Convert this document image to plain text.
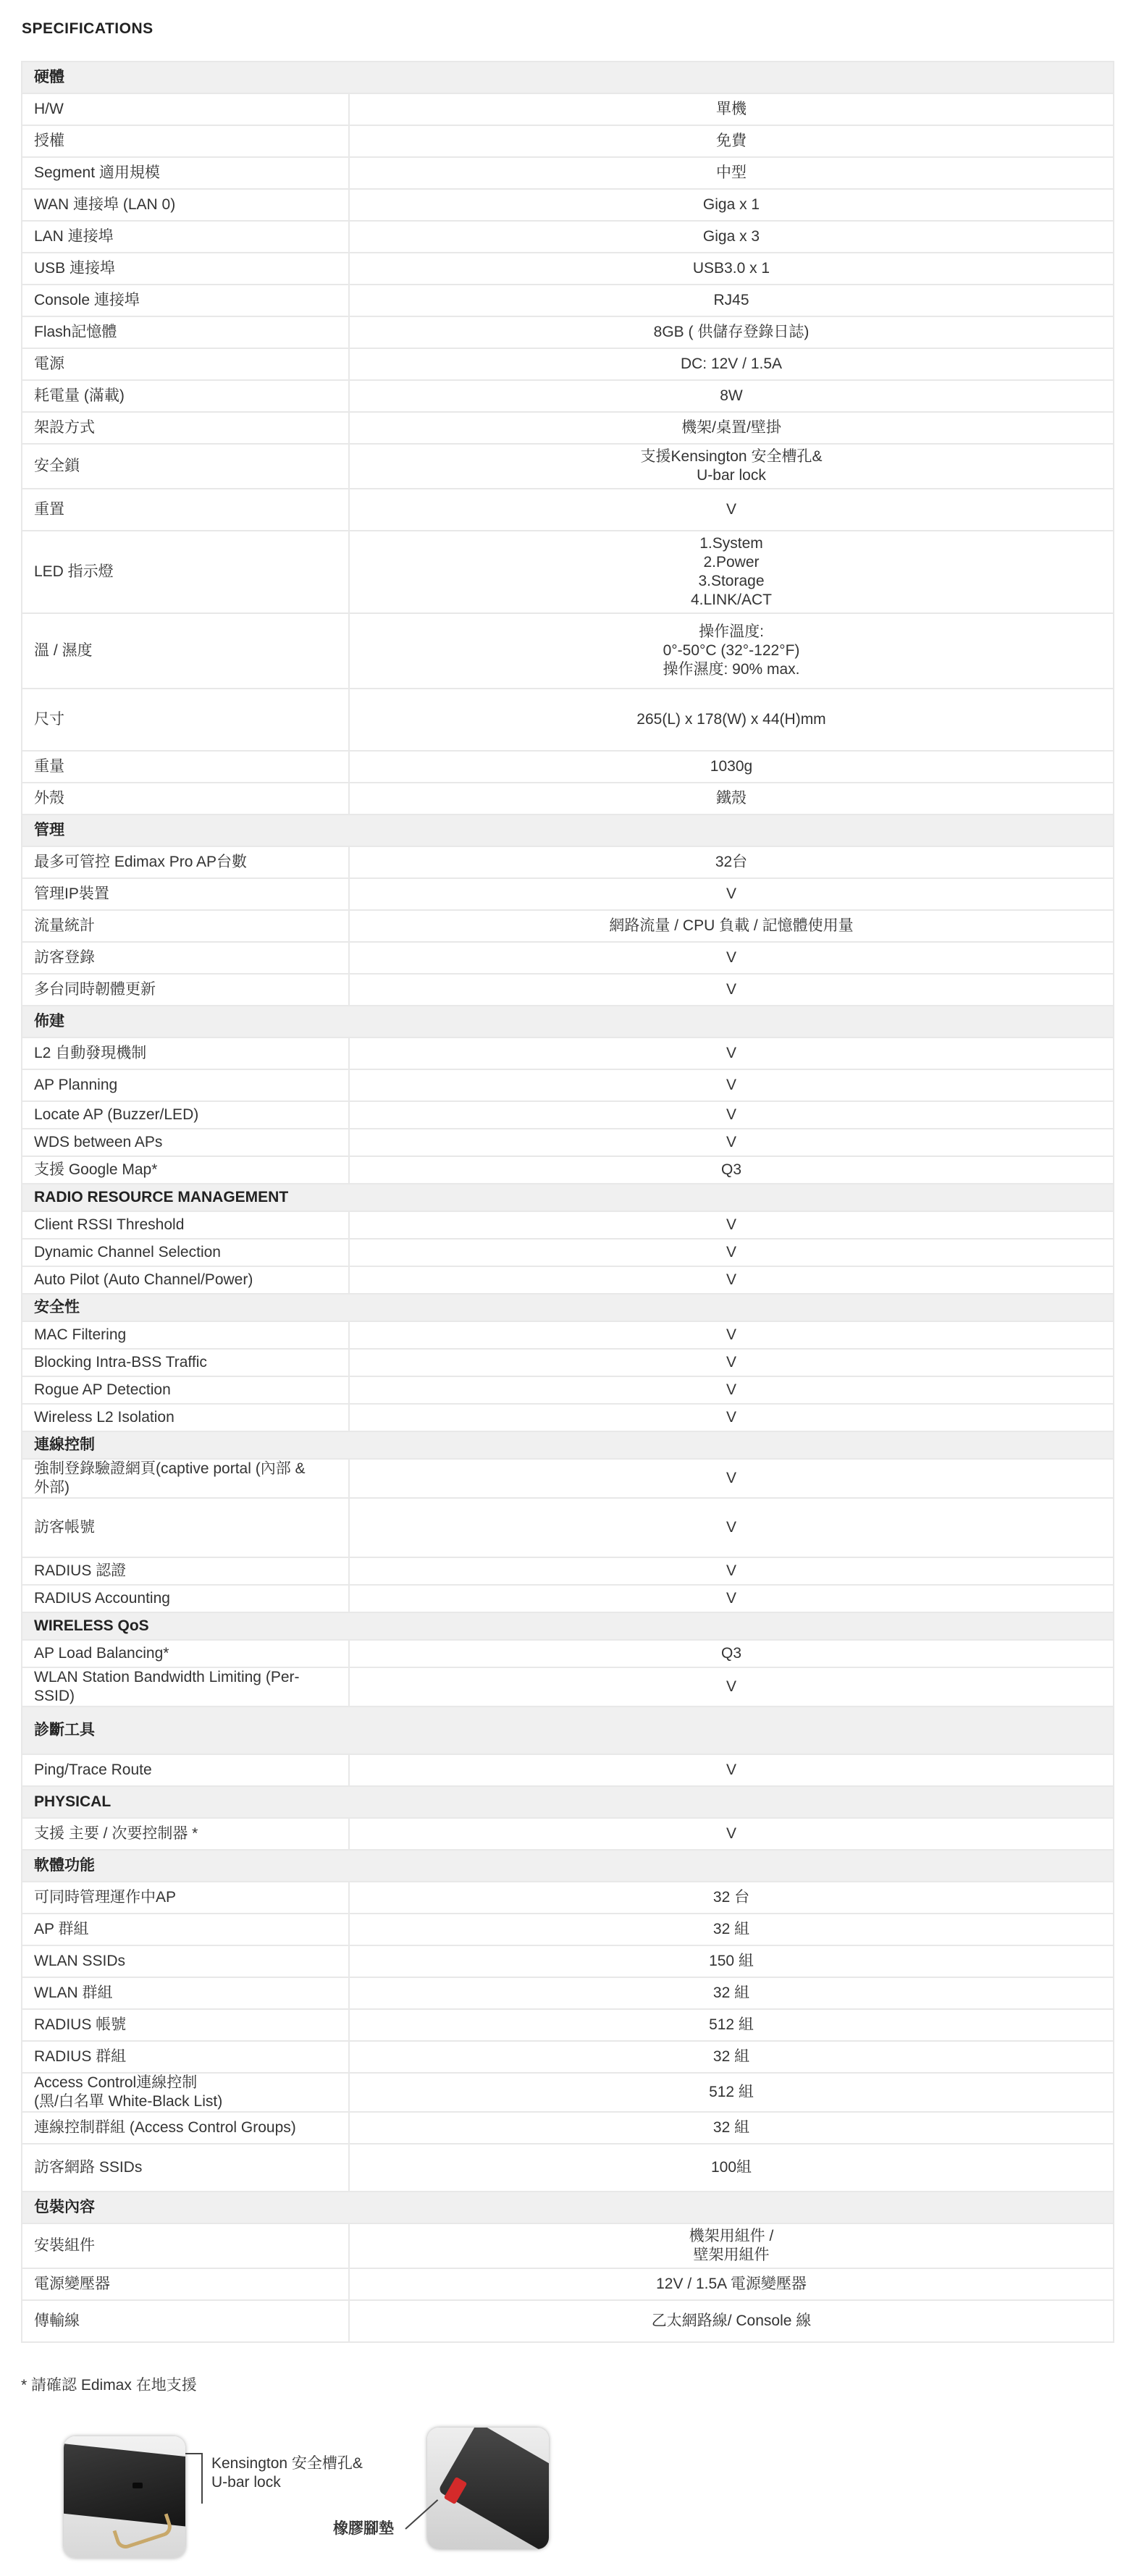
SPECIFICATIONS
硬體	
H/W	單機
授權	免費
Segment 適用規模	中型
WAN 連接埠 (LAN 0)	Giga x 1
LAN 連接埠	Giga x 3
USB 連接埠	USB3.0 x 1
Console 連接埠	RJ45
Flash記憶體	8GB ( 供儲存登錄日誌)
電源	DC: 12V / 1.5A
耗電量 (滿載)	8W
架設方式	機架/桌置/壁掛
安全鎖	支援Kensington 安全槽孔&
U-bar lock
重置	V
LED 指示燈	1.System
2.Power
3.Storage
4.LINK/ACT
溫 / 濕度	操作溫度:
0°-50°C (32°-122°F)
操作濕度: 90% max.
尺寸	265(L) x 178(W) x 44(H)mm
重量	1030g
外殼	鐵殼
管理	
最多可管控 Edimax Pro AP台數	32台
管理IP裝置	V
流量統計	網路流量 / CPU 負載 / 記憶體使用量
訪客登錄	V
多台同時韌體更新	V
佈建	
L2 自動發現機制	V
AP Planning	V
Locate AP (Buzzer/LED)	V
WDS between APs	V
支援 Google Map*	Q3
RADIO RESOURCE MANAGEMENT	
Client RSSI Threshold	V
Dynamic Channel Selection	V
Auto Pilot (Auto Channel/Power)	V
安全性	
MAC Filtering	V
Blocking Intra-BSS Traffic	V
Rogue AP Detection	V
Wireless L2 Isolation	V
連線控制	
強制登錄驗證網頁(captive portal (內部 &
外部)	V
訪客帳號	V
RADIUS 認證	V
RADIUS Accounting	V
WIRELESS QoS	
AP Load Balancing*	Q3
WLAN Station Bandwidth Limiting (Per-
SSID)	V
診斷工具	
Ping/Trace Route	V
PHYSICAL	
支援 主要 / 次要控制器 *	V
軟體功能	
可同時管理運作中AP	32 台
AP 群組	32 組
WLAN SSIDs	150 組
WLAN 群組	32 組
RADIUS 帳號	512 組
RADIUS 群組	32 組
Access Control連線控制
(黑/白名單 White-Black List)	512 組
連線控制群組 (Access Control Groups)	32 組
訪客網路 SSIDs	100組
包裝內容	
安裝組件	機架用組件 /
壁架用組件
電源變壓器	12V / 1.5A 電源變壓器
傳輸線	乙太網路線/ Console 線
* 請確認 Edimax 在地支援
Kensington 安全槽孔&
U-bar lock
橡膠腳墊
